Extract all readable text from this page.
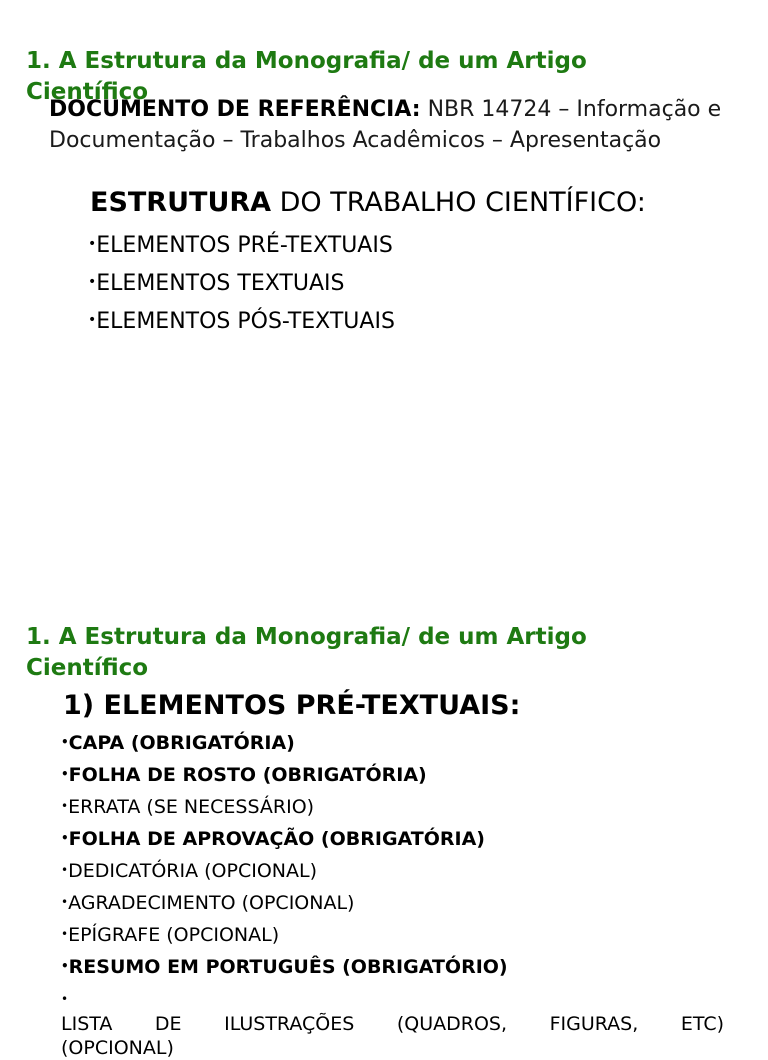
1. A Estrutura da Monografia/ de um Artigo Científico
DOCUMENTO DE REFERÊNCIA: NBR 14724 – Informação e Documentação – Trabalhos Acadêmicos – Apresentação
ESTRUTURA DO TRABALHO CIENTÍFICO:
• ELEMENTOS PRÉ-TEXTUAIS
• ELEMENTOS TEXTUAIS
• ELEMENTOS PÓS-TEXTUAIS
1. A Estrutura da Monografia/ de um Artigo Científico
1) ELEMENTOS PRÉ-TEXTUAIS:
• CAPA (OBRIGATÓRIA)
• FOLHA DE ROSTO (OBRIGATÓRIA)
• ERRATA (SE NECESSÁRIO)
• FOLHA DE APROVAÇÃO (OBRIGATÓRIA)
• DEDICATÓRIA (OPCIONAL)
• AGRADECIMENTO (OPCIONAL)
• EPÍGRAFE (OPCIONAL)
• RESUMO EM PORTUGUÊS (OBRIGATÓRIO)
• LISTA DE ILUSTRAÇÕES (QUADROS, FIGURAS, ETC)
(OPCIONAL)
